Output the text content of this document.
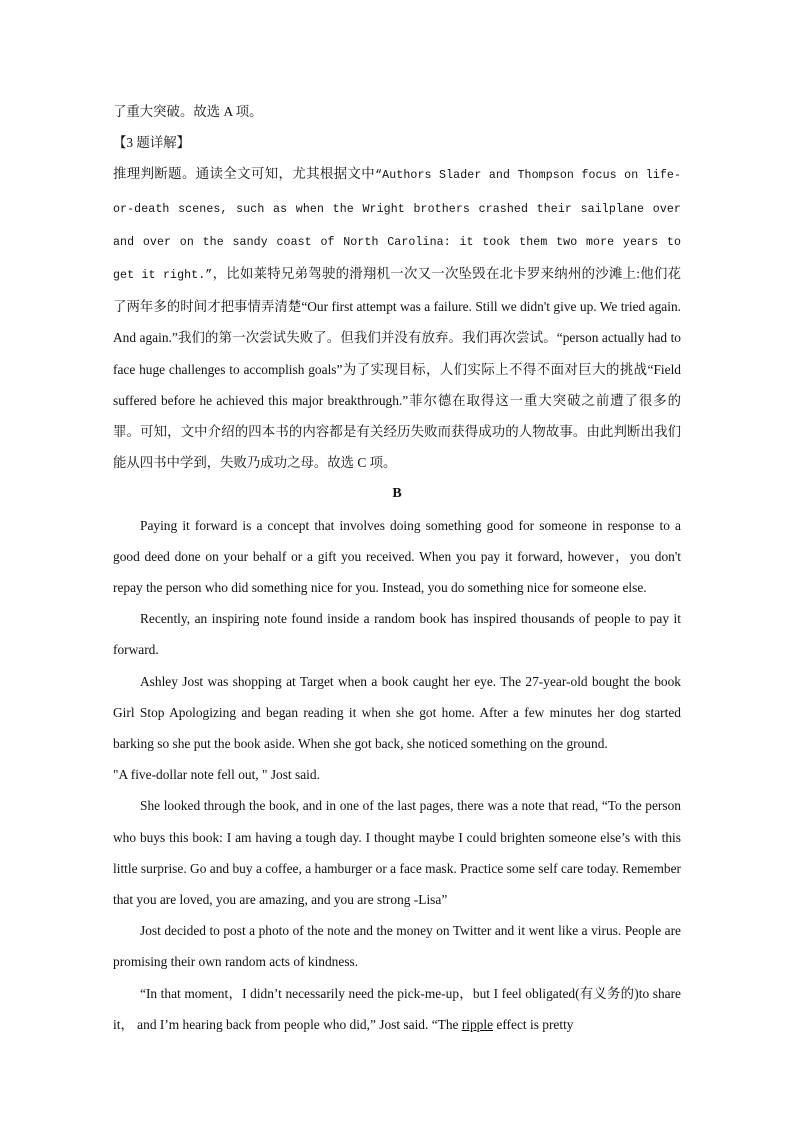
了重大突破。故选 A 项。

【3 题详解】

推理判断题。通读全文可知，尤其根据文中“Authors Slader and Thompson focus on life-or-death scenes, such as when the Wright brothers crashed their sailplane over and over on the sandy coast of North Carolina: it took them two more years to get it right.”，比如莱特兄弟驾驶的滑翔机一次又一次坠毁在北卡罗来纳州的沙滩上:他们花了两年多的时间才把事情弄清楚“Our first attempt was a failure. Still we didn't give up. We tried again. And again.”我们的第一次尝试失败了。但我们并没有放弃。我们再次尝试。“person actually had to face huge challenges to accomplish goals”为了实现目标，人们实际上不得不面对巨大的挑战“Field suffered before he achieved this major breakthrough.”菲尔德在取得这一重大突破之前遭了很多的罪。可知，文中介绍的四本书的内容都是有关经历失败而获得成功的人物故事。由此判断出我们能从四书中学到，失败乃成功之母。故选 C 项。

B

Paying it forward is a concept that involves doing something good for someone in response to a good deed done on your behalf or a gift you received. When you pay it forward, however，you don't repay the person who did something nice for you. Instead, you do something nice for someone else.

Recently, an inspiring note found inside a random book has inspired thousands of people to pay it forward.

Ashley Jost was shopping at Target when a book caught her eye. The 27-year-old bought the book Girl Stop Apologizing and began reading it when she got home. After a few minutes her dog started barking so she put the book aside. When she got back, she noticed something on the ground.

"A five-dollar note fell out, " Jost said.

She looked through the book, and in one of the last pages, there was a note that read, “To the person who buys this book: I am having a tough day. I thought maybe I could brighten someone else’s with this little surprise. Go and buy a coffee, a hamburger or a face mask. Practice some self care today. Remember that you are loved, you are amazing, and you are strong -Lisa”

Jost decided to post a photo of the note and the money on Twitter and it went like a virus. People are promising their own random acts of kindness.

“In that moment，I didn’t necessarily need the pick-me-up，but I feel obligated(有义务的)to share it， and I’m hearing back from people who did,” Jost said. “The ripple effect is pretty
